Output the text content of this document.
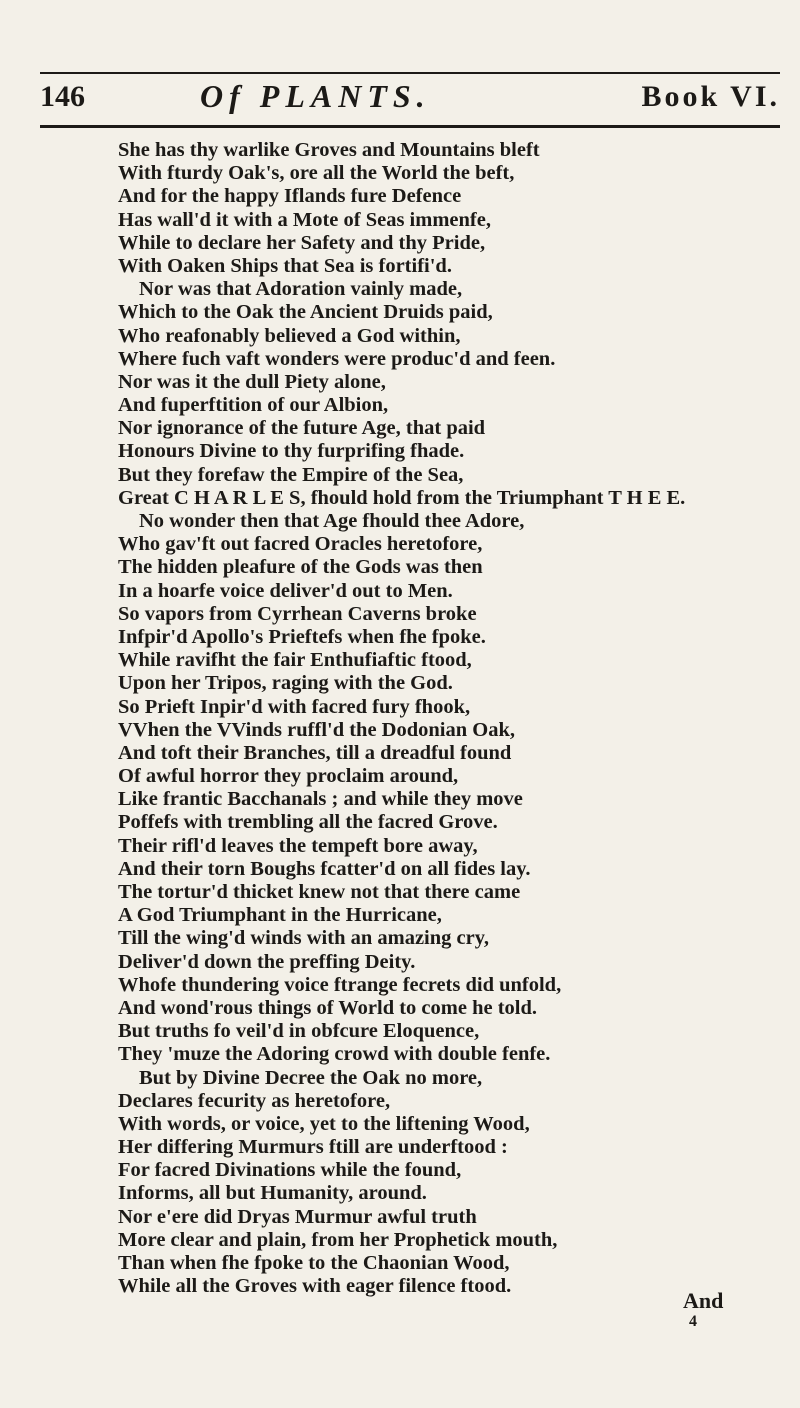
146	Of PLANTS.	Book VI.
She has thy warlike Groves and Mountains bleft
With fturdy Oak's, ore all the World the beft,
And for the happy Iflands fure Defence
Has wall'd it with a Mote of Seas immenfe,
While to declare her Safety and thy Pride,
With Oaken Ships that Sea is fortifi'd.
Nor was that Adoration vainly made,
Which to the Oak the Ancient Druids paid,
Who reafonably believed a God within,
Where fuch vaft wonders were produc'd and feen.
Nor was it the dull Piety alone,
And fuperftition of our Albion,
Nor ignorance of the future Age, that paid
Honours Divine to thy furprifing fhade.
But they forefaw the Empire of the Sea,
Great C H A R L E S, fhould hold from the Triumphant T H E E.
No wonder then that Age fhould thee Adore,
Who gav'ft out facred Oracles heretofore,
The hidden pleafure of the Gods was then
In a hoarfe voice deliver'd out to Men.
So vapors from Cyrrhean Caverns broke
Infpir'd Apollo's Prieftefs when fhe fpoke.
While ravifht the fair Enthufiaftic ftood,
Upon her Tripos, raging with the God.
So Prieft Inpir'd with facred fury fhook,
VVhen the VVinds ruffl'd the Dodonian Oak,
And toft their Branches, till a dreadful found
Of awful horror they proclaim around,
Like frantic Bacchanals ; and while they move
Poffefs with trembling all the facred Grove.
Their rifl'd leaves the tempeft bore away,
And their torn Boughs fcatter'd on all fides lay.
The tortur'd thicket knew not that there came
A God Triumphant in the Hurricane,
Till the wing'd winds with an amazing cry,
Deliver'd down the preffing Deity.
Whofe thundering voice ftrange fecrets did unfold,
And wond'rous things of World to come he told.
But truths fo veil'd in obfcure Eloquence,
They 'muze the Adoring crowd with double fenfe.
But by Divine Decree the Oak no more,
Declares fecurity as heretofore,
With words, or voice, yet to the liftening Wood,
Her differing Murmurs ftill are underftood :
For facred Divinations while the found,
Informs, all but Humanity, around.
Nor e'ere did Dryas Murmur awful truth
More clear and plain, from her Prophetick mouth,
Than when fhe fpoke to the Chaonian Wood,
While all the Groves with eager filence ftood.
And
4
